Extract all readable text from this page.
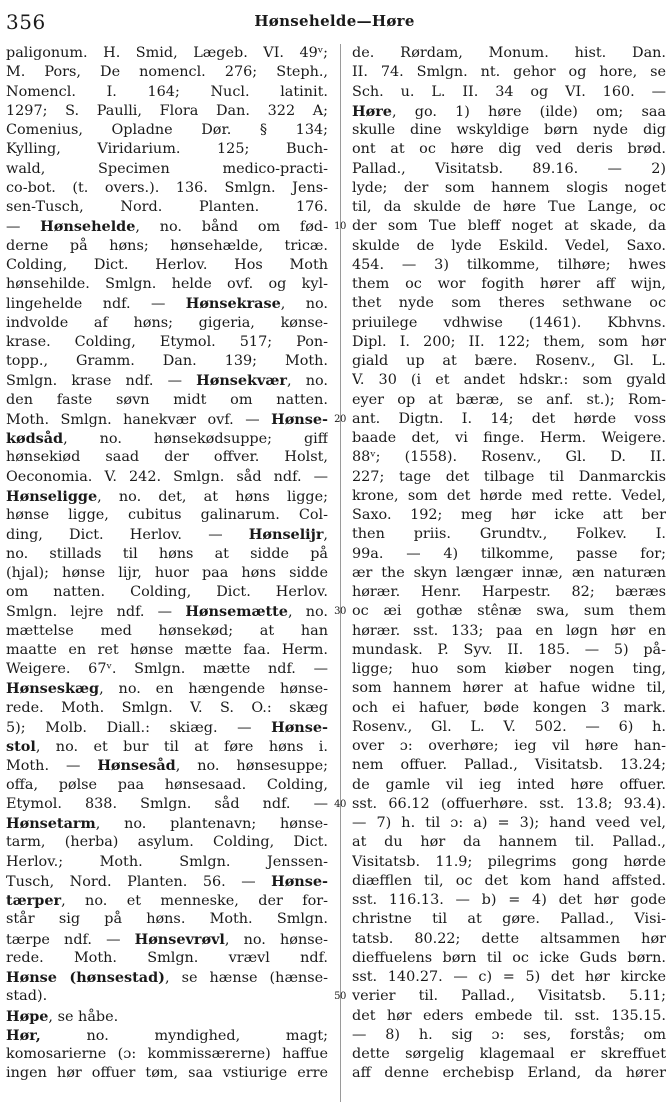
356	Hønsehelde—Høre
paligonum. H. Smid, Lægeb. VI. 49ᵛ;
M. Pors, De nomencl. 276; Steph.,
Nomencl. I. 164; Nucl. latinit.
1297; S. Paulli, Flora Dan. 322 A;
Comenius, Opladne Dør. § 134;
Kylling, Viridarium. 125; Buch-
wald, Specimen medico-practi-
co-bot. (t. overs.). 136. Smlgn. Jens-
sen-Tusch, Nord. Planten. 176.
— Hønsehelde, no. bånd om fød-
derne på høns; hønsehælde, tricæ.
Colding, Dict. Herlov. Hos Moth
hønsehilde. Smlgn. helde ovf. og kyl-
lingehelde ndf. — Hønsekrase, no.
indvolde af høns; gigeria, kønse-
krase. Colding, Etymol. 517; Pon-
topp., Gramm. Dan. 139; Moth.
Smlgn. krase ndf. — Hønsekvær, no.
den faste søvn midt om natten.
Moth. Smlgn. hanekvær ovf. — Hønse-
kødsåd, no. hønsekødsuppe; giff
hønsekiød saad der offver. Holst,
Oeconomia. V. 242. Smlgn. såd ndf. —
Hønseligge, no. det, at høns ligge;
hønse ligge, cubitus galinarum. Col-
ding, Dict. Herlov. — Hønselijr,
no. stillads til høns at sidde på
(hjal); hønse lijr, huor paa høns sidde
om natten. Colding, Dict. Herlov.
Smlgn. lejre ndf. — Hønsemætte, no.
mættelse med hønsekød; at han
maatte en ret hønse mætte faa. Herm.
Weigere. 67ᵛ. Smlgn. mætte ndf. —
Hønseskæg, no. en hængende hønse-
rede. Moth. Smlgn. V. S. O.: skæg
5); Molb. Diall.: skiæg. — Hønse-
stol, no. et bur til at føre høns i.
Moth. — Hønsesåd, no. hønsesuppe;
offa, pølse paa hønsesaad. Colding,
Etymol. 838. Smlgn. såd ndf. —
Hønsetarm, no. plantenavn; hønse-
tarm, (herba) asylum. Colding, Dict.
Herlov.; Moth. Smlgn. Jenssen-
Tusch, Nord. Planten. 56. — Hønse-
tærper, no. et menneske, der for-
står sig på høns. Moth. Smlgn.
tærpe ndf. — Hønsevrøvl, no. hønse-
rede. Moth. Smlgn. vrævl ndf.
Hønse (hønsestad), se hænse (hænse-
stad).
Høpe, se håbe.
Hør, no. myndighed, magt;
komosarierne (ɔ: kommissærerne) haffue
ingen hør offuer tøm, saa vstiurige erre
10
20
30
40
50
de. Rørdam, Monum. hist. Dan.
II. 74. Smlgn. nt. gehor og hore, se
Sch. u. L. II. 34 og VI. 160. —
Høre, go. 1) høre (ilde) om; saa
skulle dine wskyldige børn nyde dig
ont at oc høre dig ved deris brød.
Pallad., Visitatsb. 89.16. — 2)
lyde; der som hannem slogis noget
til, da skulde de høre Tue Lange, oc
der som Tue bleff noget at skade, da
skulde de lyde Eskild. Vedel, Saxo.
454. — 3) tilkomme, tilhøre; hwes
them oc wor fogith hører aff wijn,
thet nyde som theres sethwane oc
priuilege vdhwise (1461). Kbhvns.
Dipl. I. 200; II. 122; them, som hør
giald up at bære. Rosenv., Gl. L.
V. 30 (i et andet hdskr.: som gyald
eyer op at bæræ, se anf. st.); Rom-
ant. Digtn. I. 14; det hørde voss
baade det, vi finge. Herm. Weigere.
88ᵛ; (1558). Rosenv., Gl. D. II.
227; tage det tilbage til Danmarckis
krone, som det hørde med rette. Vedel,
Saxo. 192; meg hør icke att ber
then priis. Grundtv., Folkev. I.
99a. — 4) tilkomme, passe for;
ær the skyn længær innæ, æn naturæn
hørær. Henr. Harpestr. 82; bæræs
oc æi gothæ stênæ swa, sum them
hørær. sst. 133; paa en løgn hør en
mundask. P. Syv. II. 185. — 5) på-
ligge; huo som kiøber nogen ting,
som hannem hører at hafue widne til,
och ei hafuer, bøde kongen 3 mark.
Rosenv., Gl. L. V. 502. — 6) h.
over ɔ: overhøre; ieg vil høre han-
nem offuer. Pallad., Visitatsb. 13.24;
de gamle vil ieg inted høre offuer.
sst. 66.12 (offuerhøre. sst. 13.8; 93.4).
— 7) h. til ɔ: a) = 3); hand veed vel,
at du hør da hannem til. Pallad.,
Visitatsb. 11.9; pilegrims gong hørde
diæfflen til, oc det kom hand affsted.
sst. 116.13. — b) = 4) det hør gode
christne til at gøre. Pallad., Visi-
tatsb. 80.22; dette altsammen hør
dieffuelens børn til oc icke Guds børn.
sst. 140.27. — c) = 5) det hør kircke
verier til. Pallad., Visitatsb. 5.11;
det hør eders embede til. sst. 135.15.
— 8) h. sig ɔ: ses, forstås; om
dette sørgelig klagemaal er skreffuet
aff denne erchebisp Erland, da hører
